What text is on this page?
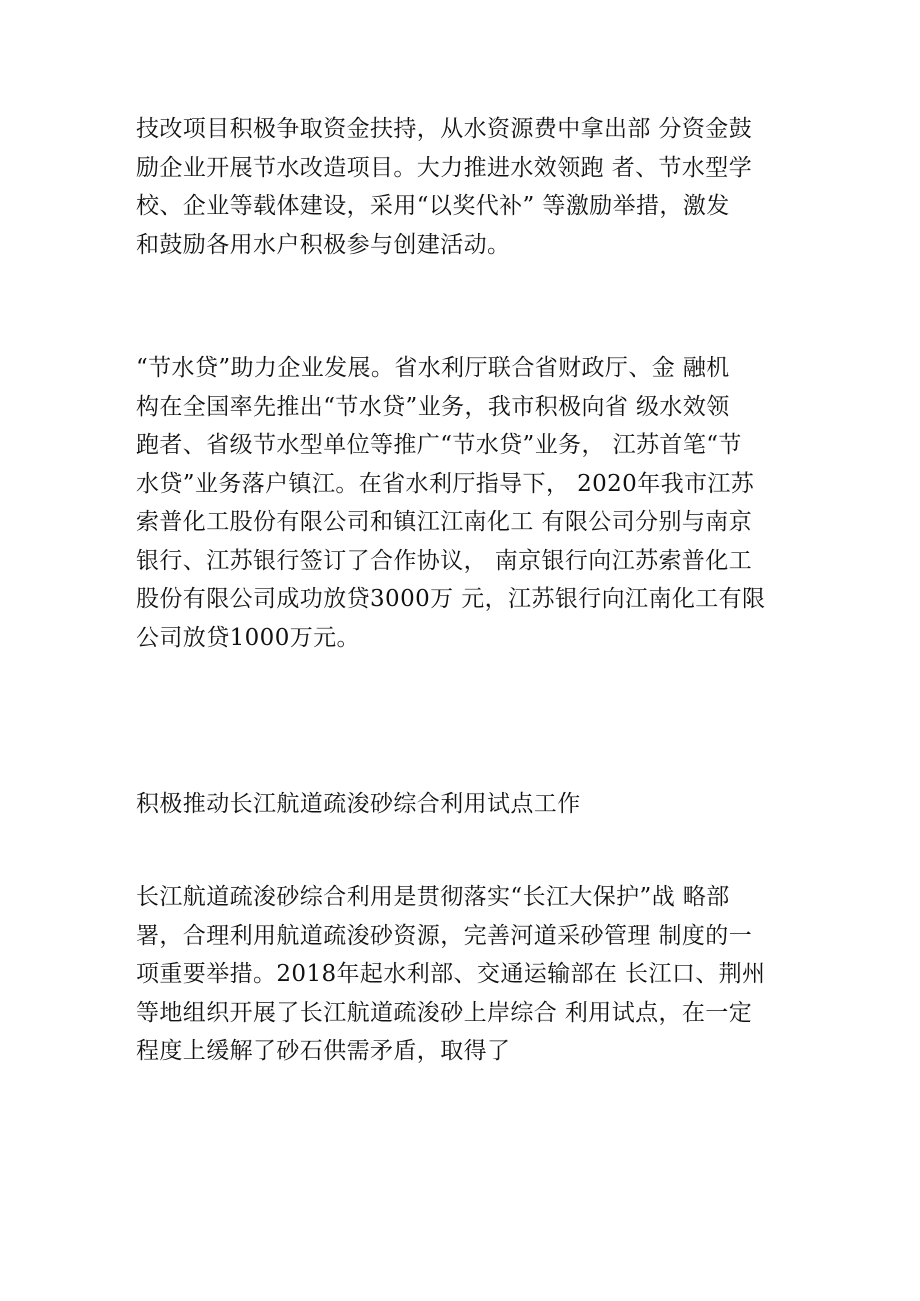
技改项目积极争取资金扶持，从水资源费中拿出部 分资金鼓
励企业开展节水改造项目。大力推进水效领跑 者、节水型学
校、企业等载体建设，采用“以奖代补” 等激励举措，激发
和鼓励各用水户积极参与创建活动。

“节水贷”助力企业发展。省水利厅联合省财政厅、金 融机
构在全国率先推出“节水贷”业务，我市积极向省 级水效领
跑者、省级节水型单位等推广“节水贷”业务， 江苏首笔“节
水贷”业务落户镇江。在省水利厅指导下， 2020年我市江苏
索普化工股份有限公司和镇江江南化工 有限公司分别与南京
银行、江苏银行签订了合作协议， 南京银行向江苏索普化工
股份有限公司成功放贷3000万 元，江苏银行向江南化工有限
公司放贷1000万元。

积极推动长江航道疏浚砂综合利用试点工作

长江航道疏浚砂综合利用是贯彻落实“长江大保护”战 略部
署，合理利用航道疏浚砂资源，完善河道采砂管理 制度的一
项重要举措。2018年起水利部、交通运输部在 长江口、荆州
等地组织开展了长江航道疏浚砂上岸综合 利用试点，在一定
程度上缓解了砂石供需矛盾，取得了
